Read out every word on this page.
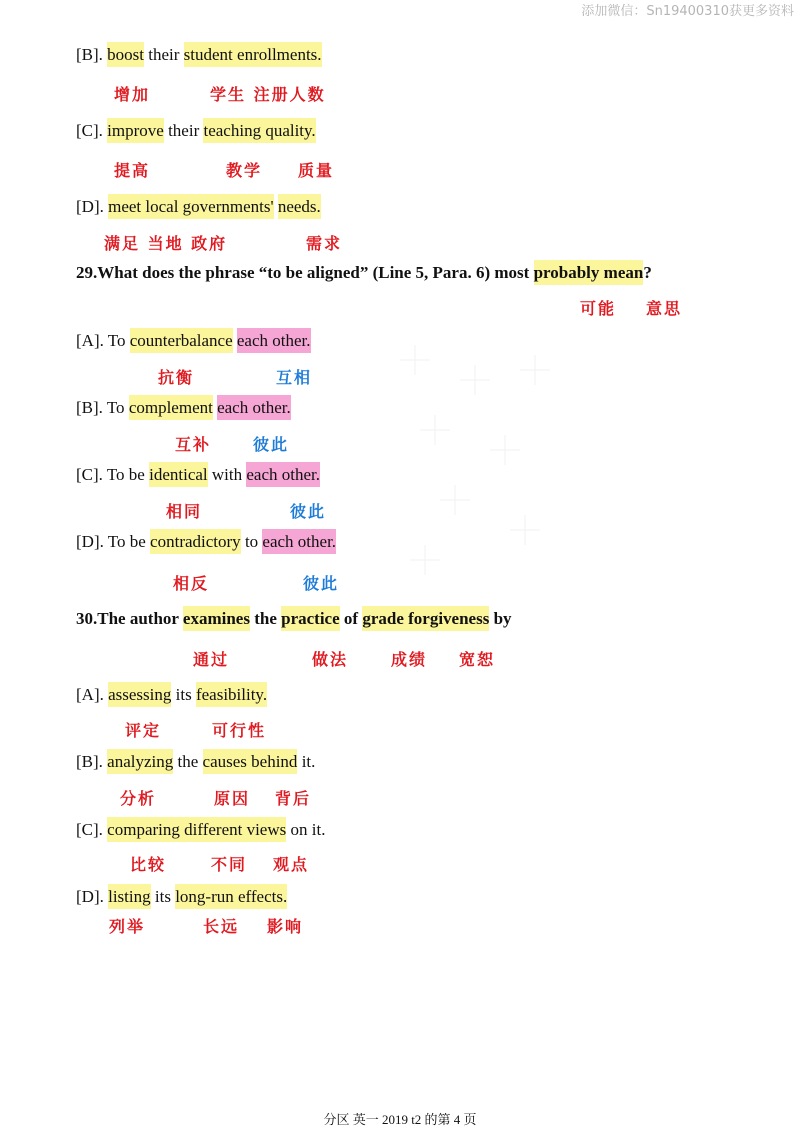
添加微信：Sn19400310获更多资料
[B]. boost their student enrollments.
[C]. improve their teaching quality.
[D]. meet local governments' needs.
29.What does the phrase “to be aligned” (Line 5, Para. 6) most probably mean?
[A]. To counterbalance each other.
[B]. To complement each other.
[C]. To be identical with each other.
[D]. To be contradictory to each other.
30.The author examines the practice of grade forgiveness by
[A]. assessing its feasibility.
[B]. analyzing the causes behind it.
[C]. comparing different views on it.
[D]. listing its long-run effects.
增加	学生 注册人数
提高	教学 质量
满足 当地 政府	需求
可能 意思
抗衡	互相
互补	彼此
相同	彼此
相反	彼此
通过	做法	成绩 宽恕
评定	可行性
分析	原因 背后
比较	不同 观点
列举	长远 影响
分区 英一 2019 t2 的第 4 页
